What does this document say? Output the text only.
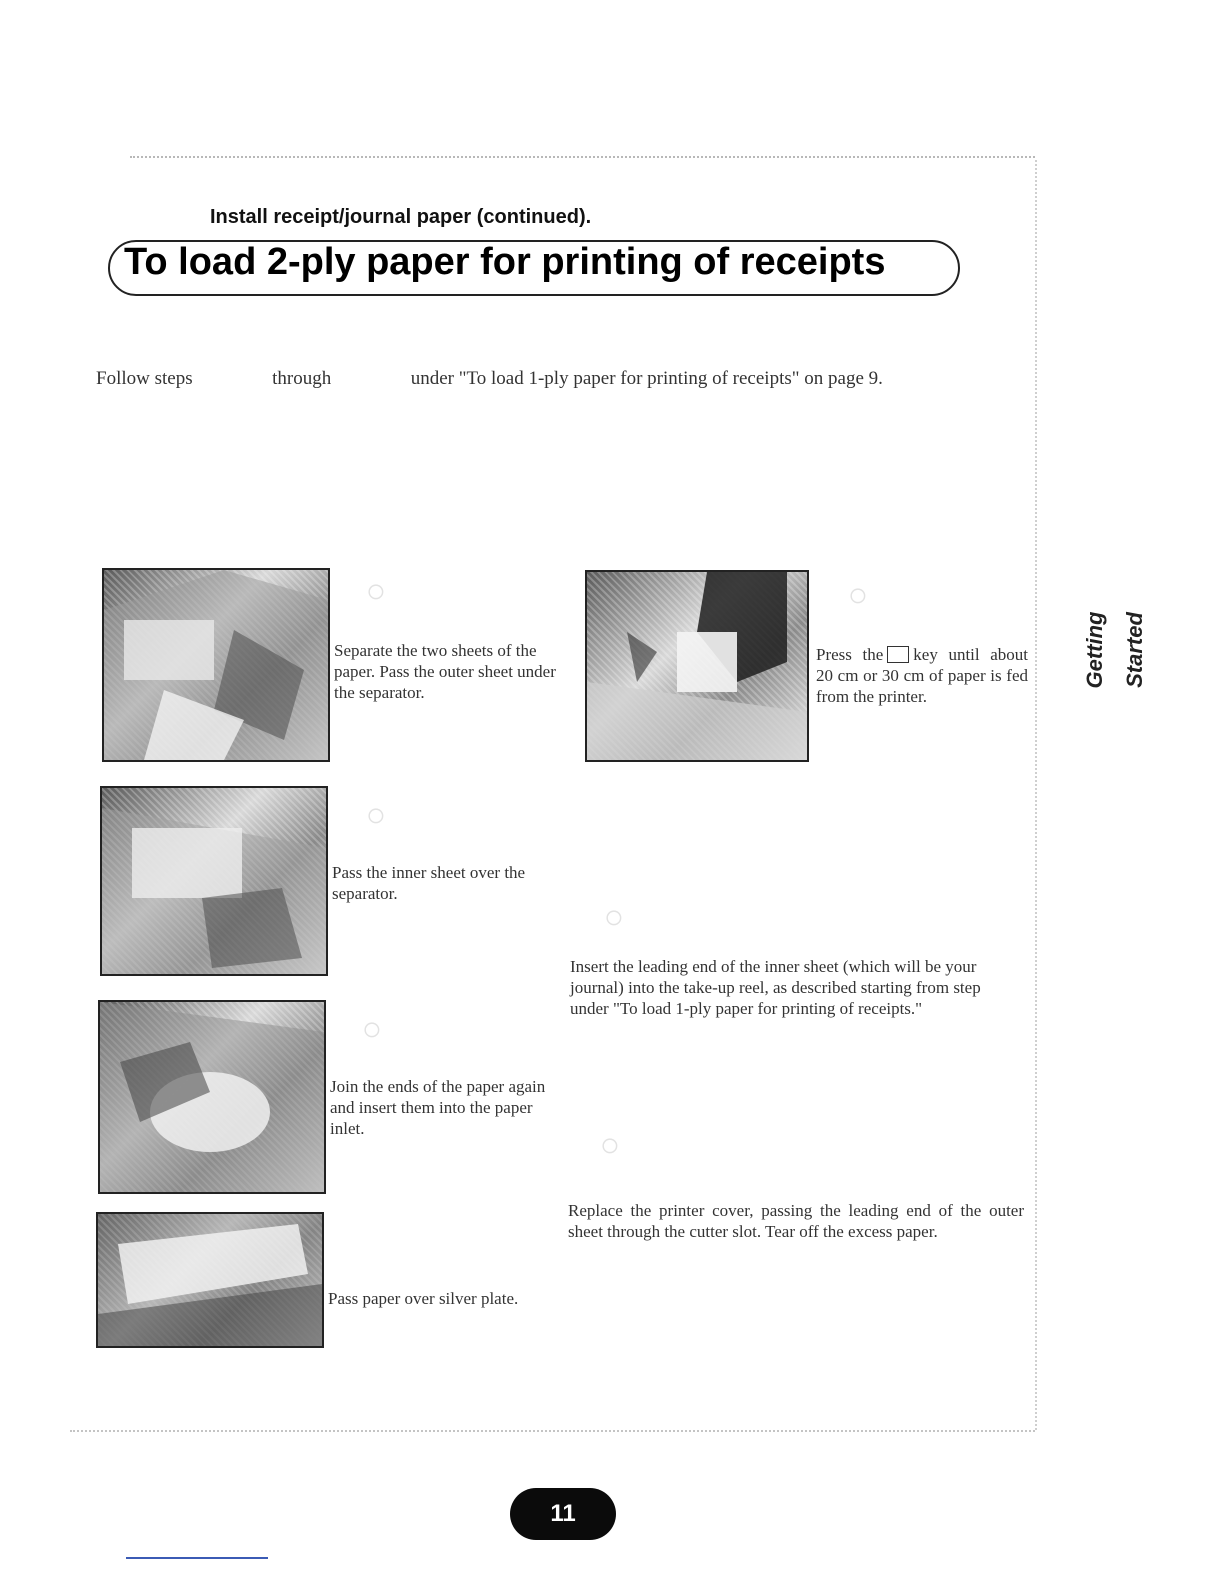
Install receipt/journal paper (continued).
To load 2-ply paper for printing of receipts
Getting Started
Follow steps	through	under "To load 1-ply paper for printing of receipts" on page 9.
○
○
○
○
○
○
Separate the two sheets of the paper. Pass the outer sheet under the separator.
Pass the inner sheet over the separator.
Join the ends of the paper again and insert them into the paper inlet.
Pass paper over silver plate.
Press the key until about 20 cm or 30 cm of paper is fed from the printer.
Insert the leading end of the inner sheet (which will be your journal) into the take-up reel, as described starting from step  under "To load 1-ply paper for printing of receipts."
Replace the printer cover, passing the leading end of the outer sheet through the cutter slot. Tear off the excess paper.
11
